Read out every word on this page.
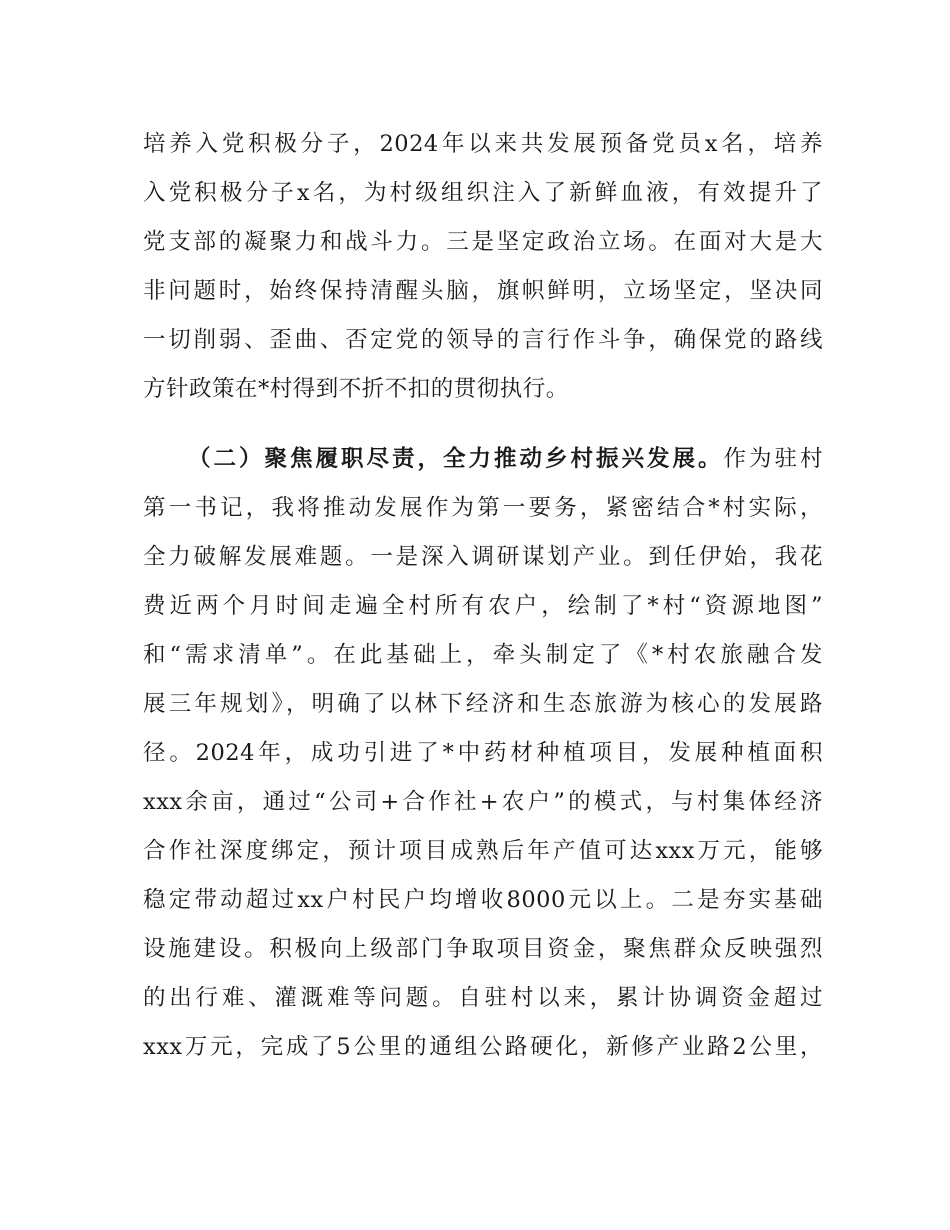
培养入党积极分子，2024年以来共发展预备党员x名，培养
入党积极分子x名，为村级组织注入了新鲜血液，有效提升了
党支部的凝聚力和战斗力。三是坚定政治立场。在面对大是大
非问题时，始终保持清醒头脑，旗帜鲜明，立场坚定，坚决同
一切削弱、歪曲、否定党的领导的言行作斗争，确保党的路线
方针政策在*村得到不折不扣的贯彻执行。
（二）聚焦履职尽责，全力推动乡村振兴发展。作为驻村
第一书记，我将推动发展作为第一要务，紧密结合*村实际，
全力破解发展难题。一是深入调研谋划产业。到任伊始，我花
费近两个月时间走遍全村所有农户，绘制了*村“资源地图”
和“需求清单”。在此基础上，牵头制定了《*村农旅融合发
展三年规划》，明确了以林下经济和生态旅游为核心的发展路
径。2024年，成功引进了*中药材种植项目，发展种植面积
xxx余亩，通过“公司+合作社+农户”的模式，与村集体经济
合作社深度绑定，预计项目成熟后年产值可达xxx万元，能够
稳定带动超过xx户村民户均增收8000元以上。二是夯实基础
设施建设。积极向上级部门争取项目资金，聚焦群众反映强烈
的出行难、灌溉难等问题。自驻村以来，累计协调资金超过
xxx万元，完成了5公里的通组公路硬化，新修产业路2公里，
